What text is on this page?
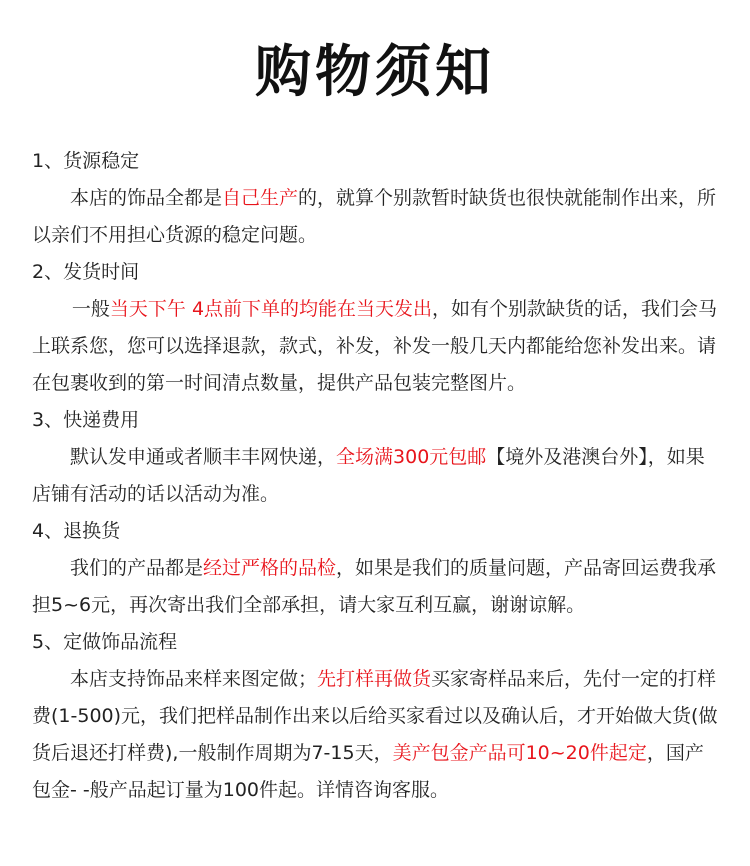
购物须知
1、货源稳定

本店的饰品全都是自己生产的，就算个别款暂时缺货也很快就能制作出来，所以亲们不用担心货源的稳定问题。

2、发货时间

一般当天下午 4点前下单的均能在当天发出，如有个别款缺货的话，我们会马上联系您，您可以选择退款，款式，补发，补发一般几天内都能给您补发出来。请在包裹收到的第一时间清点数量，提供产品包装完整图片。

3、快递费用

默认发申通或者顺丰丰网快递，全场满300元包邮【境外及港澳台外】，如果店铺有活动的话以活动为准。

4、退换货

我们的产品都是经过严格的品检，如果是我们的质量问题，产品寄回运费我承担5~6元，再次寄出我们全部承担，请大家互利互赢，谢谢谅解。

5、定做饰品流程

本店支持饰品来样来图定做；先打样再做货买家寄样品来后，先付一定的打样费(1-500)元，我们把样品制作出来以后给买家看过以及确认后，才开始做大货(做货后退还打样费),一般制作周期为7-15天，美产包金产品可10~20件起定，国产包金- -般产品起订量为100件起。详情咨询客服。
